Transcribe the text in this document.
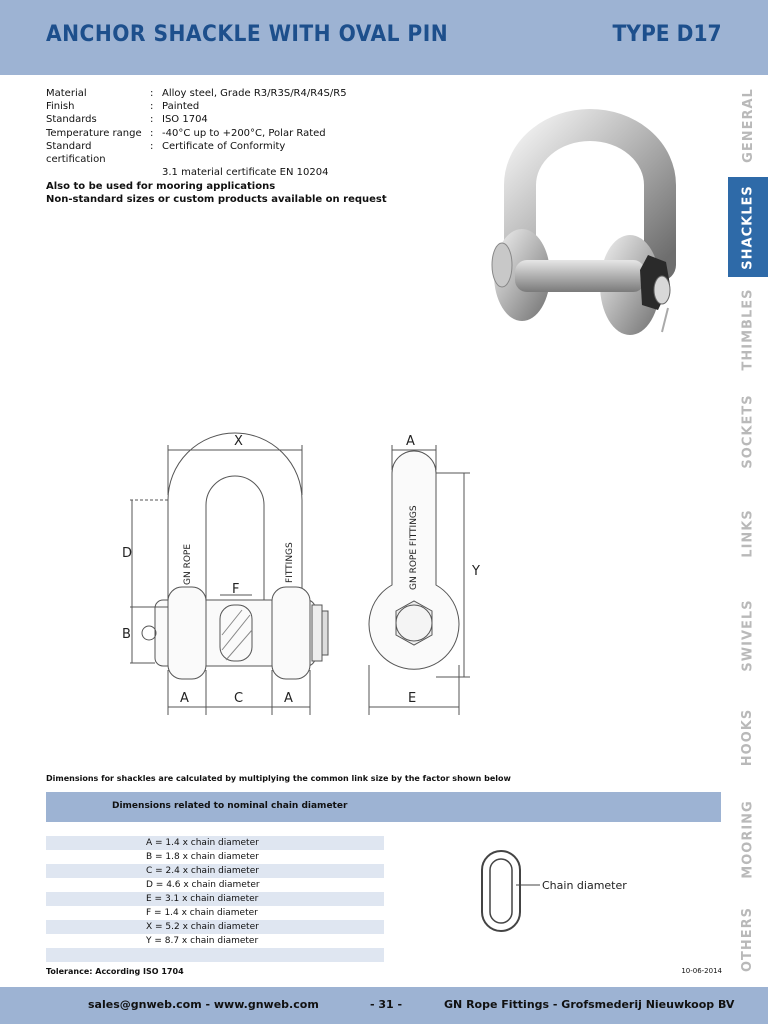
ANCHOR SHACKLE WITH OVAL PIN	TYPE D17
Material	: Alloy steel, Grade R3/R3S/R4/R4S/R5
Finish	: Painted
Standards	: ISO 1704
Temperature range : -40°C up to +200°C, Polar Rated
Standard certification
: Certificate of Conformity
3.1 material certificate EN 10204
Also to be used for mooring applications
Non-standard sizes or custom products available on request
X
D
B
F
A	C	A
A
Y
E
GN ROPE	FITTINGS	GN ROPE FITTINGS
Dimensions for shackles are calculated by multiplying the common link size by the factor shown below
Dimensions related to nominal chain diameter
A = 1.4 x chain diameter
B = 1.8 x chain diameter
C = 2.4 x chain diameter
D = 4.6 x chain diameter
E = 3.1 x chain diameter
F = 1.4 x chain diameter
X = 5.2 x chain diameter
Y = 8.7 x chain diameter
Chain diameter
Tolerance: According ISO 1704	10-06-2014
GENERAL
SHACKLES
THIMBLES
SOCKETS
LINKS
SWIVELS
HOOKS
MOORING
OTHERS
sales@gnweb.com - www.gnweb.com	- 31 -	GN Rope Fittings - Grofsmederij Nieuwkoop BV
